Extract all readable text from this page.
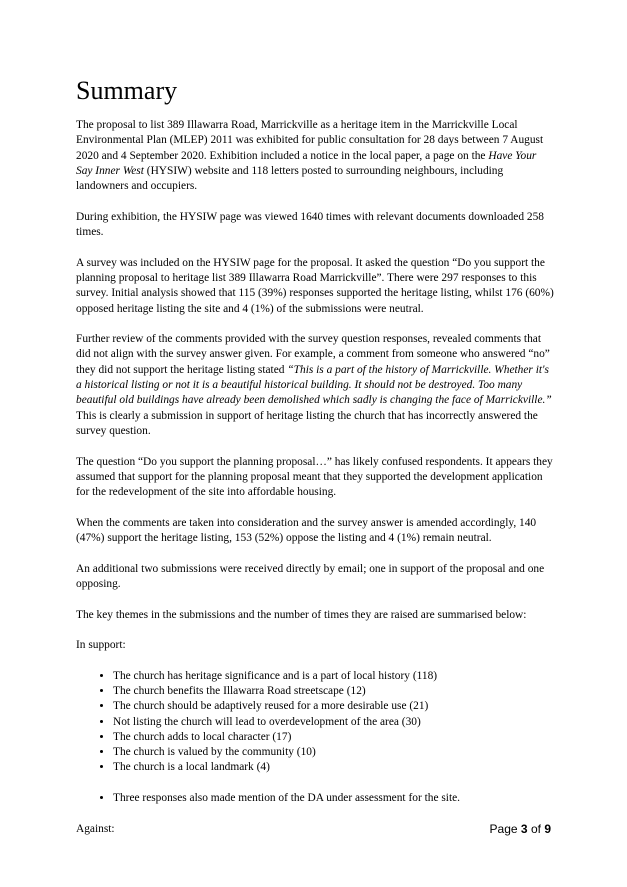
Summary

The proposal to list 389 Illawarra Road, Marrickville as a heritage item in the Marrickville Local Environmental Plan (MLEP) 2011 was exhibited for public consultation for 28 days between 7 August 2020 and 4 September 2020. Exhibition included a notice in the local paper, a page on the Have Your Say Inner West (HYSIW) website and 118 letters posted to surrounding neighbours, including landowners and occupiers.

During exhibition, the HYSIW page was viewed 1640 times with relevant documents downloaded 258 times.

A survey was included on the HYSIW page for the proposal. It asked the question “Do you support the planning proposal to heritage list 389 Illawarra Road Marrickville”. There were 297 responses to this survey. Initial analysis showed that 115 (39%) responses supported the heritage listing, whilst 176 (60%) opposed heritage listing the site and 4 (1%) of the submissions were neutral.

Further review of the comments provided with the survey question responses, revealed comments that did not align with the survey answer given. For example, a comment from someone who answered “no” they did not support the heritage listing stated “This is a part of the history of Marrickville. Whether it's a historical listing or not it is a beautiful historical building. It should not be destroyed. Too many beautiful old buildings have already been demolished which sadly is changing the face of Marrickville.” This is clearly a submission in support of heritage listing the church that has incorrectly answered the survey question.

The question “Do you support the planning proposal…” has likely confused respondents. It appears they assumed that support for the planning proposal meant that they supported the development application for the redevelopment of the site into affordable housing.

When the comments are taken into consideration and the survey answer is amended accordingly, 140 (47%) support the heritage listing, 153 (52%) oppose the listing and 4 (1%) remain neutral.

An additional two submissions were received directly by email; one in support of the proposal and one opposing.

The key themes in the submissions and the number of times they are raised are summarised below:

In support:

• The church has heritage significance and is a part of local history (118)
• The church benefits the Illawarra Road streetscape (12)
• The church should be adaptively reused for a more desirable use (21)
• Not listing the church will lead to overdevelopment of the area (30)
• The church adds to local character (17)
• The church is valued by the community (10)
• The church is a local landmark (4)
• Three responses also made mention of the DA under assessment for the site.

Against:	Page 3 of 9
